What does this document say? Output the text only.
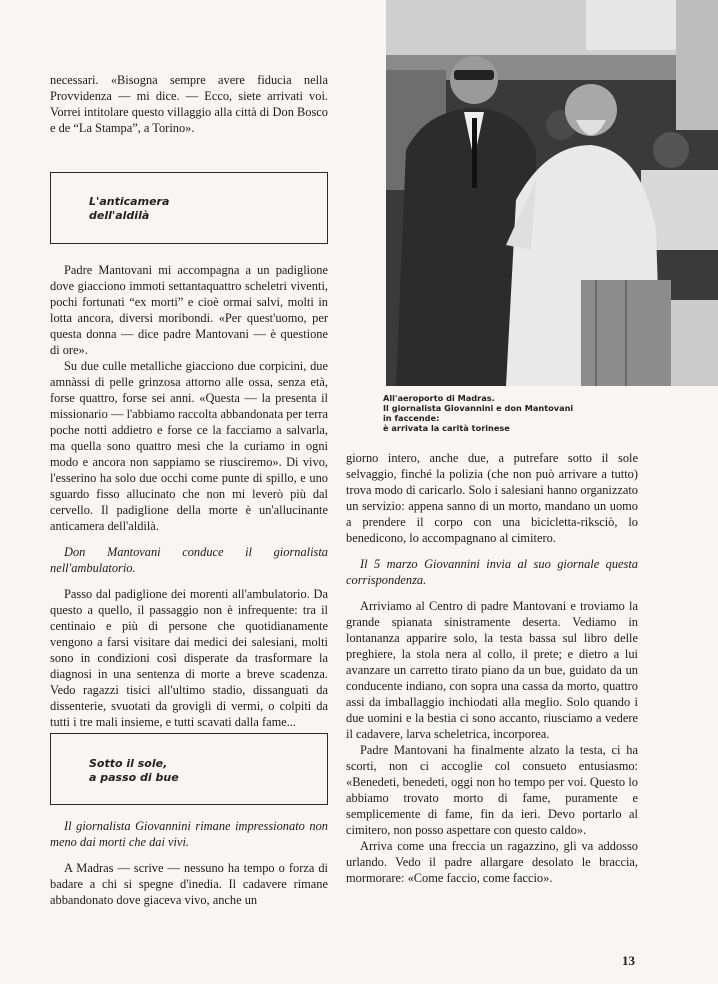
necessari. «Bisogna sempre avere fiducia nella Provvidenza — mi dice. — Ecco, siete arrivati voi. Vorrei intitolare questo villaggio alla città di Don Bosco e de “La Stampa”, a Torino».

L'anticamera
dell'aldilà

Padre Mantovani mi accompagna a un padiglione dove giacciono immoti settantaquattro scheletri viventi, pochi fortunati “ex morti” e cioè ormai salvi, molti in lotta ancora, diversi moribondi. «Per quest'uomo, per questa donna — dice padre Mantovani — è questione di ore».

Su due culle metalliche giacciono due corpicini, due amnàssi di pelle grinzosa attorno alle ossa, senza età, forse quattro, forse sei anni. «Questa — la presenta il missionario — l'abbiamo raccolta abbandonata per terra poche notti addietro e forse ce la facciamo a salvarla, ma quella sono quattro mesi che la curiamo in ogni modo e ancora non sappiamo se riusciremo». Di vivo, l'esserino ha solo due occhi come punte di spillo, e uno sguardo fisso allucinato che non mi leverò più dal cervello. Il padiglione della morte è un'allucinante anticamera dell'aldilà.

Don Mantovani conduce il giornalista nell'ambulatorio.

Passo dal padiglione dei morenti all'ambulatorio. Da questo a quello, il passaggio non è infrequente: tra il centinaio e più di persone che quotidianamente vengono a farsi visitare dai medici dei salesiani, molti sono in condizioni così disperate da trasformare la diagnosi in una sentenza di morte a breve scadenza. Vedo ragazzi tisici all'ultimo stadio, dissanguati da dissenterie, svuotati da grovigli di vermi, o colpiti da tutti i tre mali insieme, e tutti scavati dalla fame...

Sotto il sole,
a passo di bue

Il giornalista Giovannini rimane impressionato non meno dai morti che dai vivi.

A Madras — scrive — nessuno ha tempo o forza di badare a chi si spegne d'inedia. Il cadavere rimane abbandonato dove giaceva vivo, anche un

All'aeroporto di Madras.
Il giornalista Giovannini e don Mantovani
in faccende:
è arrivata la carità torinese

giorno intero, anche due, a putrefare sotto il sole selvaggio, finché la polizia (che non può arrivare a tutto) trova modo di caricarlo. Solo i salesiani hanno organizzato un servizio: appena sanno di un morto, mandano un uomo a prendere il corpo con una bicicletta-riksciò, lo benedicono, lo accompagnano al cimitero.

Il 5 marzo Giovannini invia al suo giornale questa corrispondenza.

Arriviamo al Centro di padre Mantovani e troviamo la grande spianata sinistramente deserta. Vediamo in lontananza apparire solo, la testa bassa sul libro delle preghiere, la stola nera al collo, il prete; e dietro a lui avanzare un carretto tirato piano da un bue, guidato da un conducente indiano, con sopra una cassa da morto, quattro assi da imballaggio inchiodati alla meglio. Solo quando i due uomini e la bestia ci sono accanto, riusciamo a vedere il cadavere, larva scheletrica, incorporea.

Padre Mantovani ha finalmente alzato la testa, ci ha scorti, non ci accoglie col consueto entusiasmo: «Benedeti, benedeti, oggi non ho tempo per voi. Questo lo abbiamo trovato morto di fame, puramente e semplicemente di fame, fin da ieri. Devo portarlo al cimitero, non posso aspettare con questo caldo».

Arriva come una freccia un ragazzino, gli va addosso urlando. Vedo il padre allargare desolato le braccia, mormorare: «Come faccio, come faccio».

13
